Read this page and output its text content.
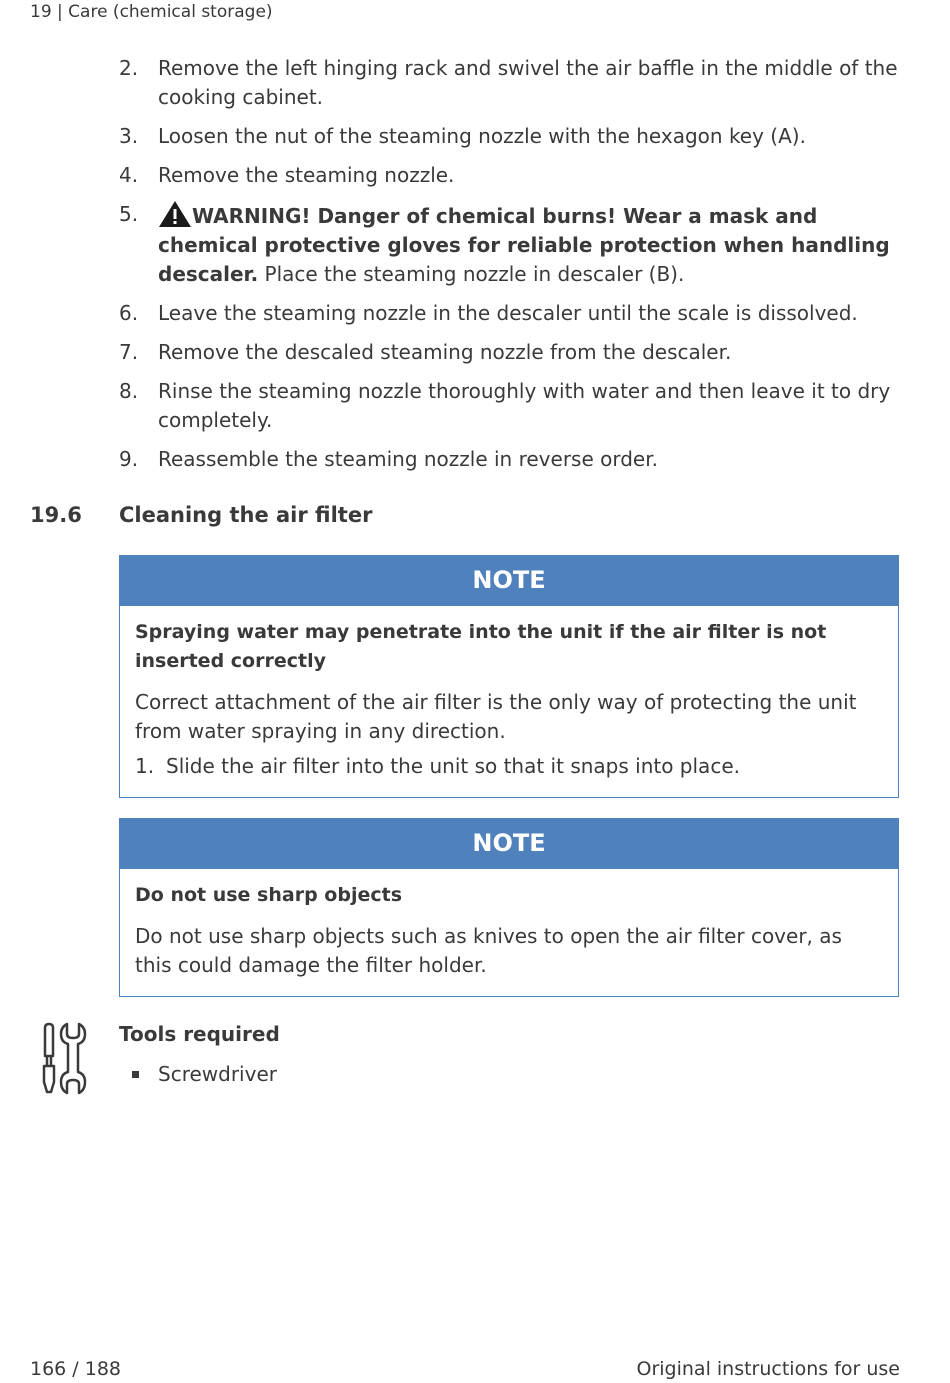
19 | Care (chemical storage)
2. Remove the left hinging rack and swivel the air baffle in the middle of the cooking cabinet.
3. Loosen the nut of the steaming nozzle with the hexagon key (A).
4. Remove the steaming nozzle.
5.	WARNING! Danger of chemical burns! Wear a mask and chemical protective gloves for reliable protection when handling descaler. Place the steaming nozzle in descaler (B).
6. Leave the steaming nozzle in the descaler until the scale is dissolved.
7. Remove the descaled steaming nozzle from the descaler.
8. Rinse the steaming nozzle thoroughly with water and then leave it to dry completely.
9. Reassemble the steaming nozzle in reverse order.
19.6	Cleaning the air filter
NOTE
Spraying water may penetrate into the unit if the air filter is not inserted correctly
Correct attachment of the air filter is the only way of protecting the unit from water spraying in any direction.
1. Slide the air filter into the unit so that it snaps into place.
NOTE
Do not use sharp objects
Do not use sharp objects such as knives to open the air filter cover, as this could damage the filter holder.
Tools required
Screwdriver
166 / 188	Original instructions for use
